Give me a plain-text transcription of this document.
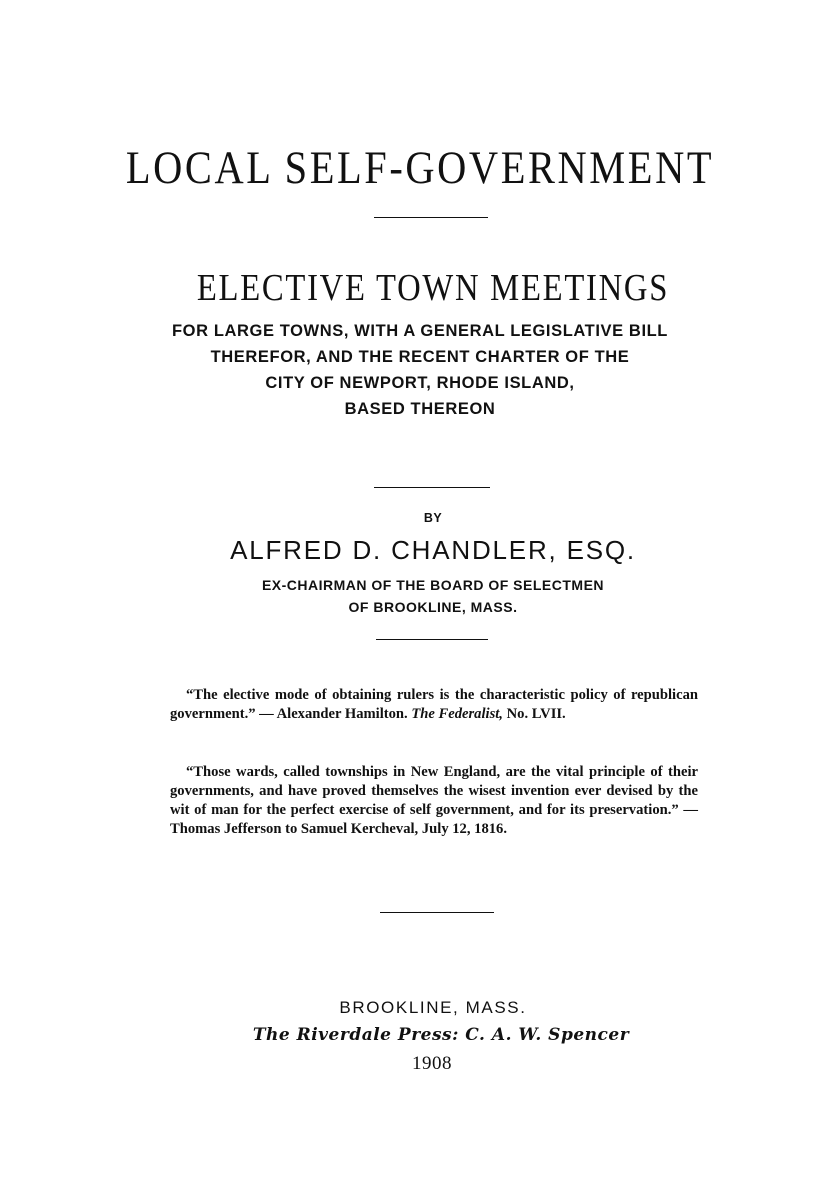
LOCAL SELF-GOVERNMENT
ELECTIVE TOWN MEETINGS
FOR LARGE TOWNS, WITH A GENERAL LEGISLATIVE BILL
THEREFOR, AND THE RECENT CHARTER OF THE
CITY OF NEWPORT, RHODE ISLAND,
BASED THEREON
BY
ALFRED D. CHANDLER, ESQ.
EX-CHAIRMAN OF THE BOARD OF SELECTMEN
OF BROOKLINE, MASS.

“The elective mode of obtaining rulers is the characteristic policy of republican government.” — Alexander Hamilton. The Federalist, No. LVII.

“Those wards, called townships in New England, are the vital principle of their governments, and have proved themselves the wisest invention ever devised by the wit of man for the perfect exercise of self government, and for its preservation.” — Thomas Jefferson to Samuel Kercheval, July 12, 1816.

BROOKLINE, MASS.
The Riverdale Press: C. A. W. Spencer
1908
